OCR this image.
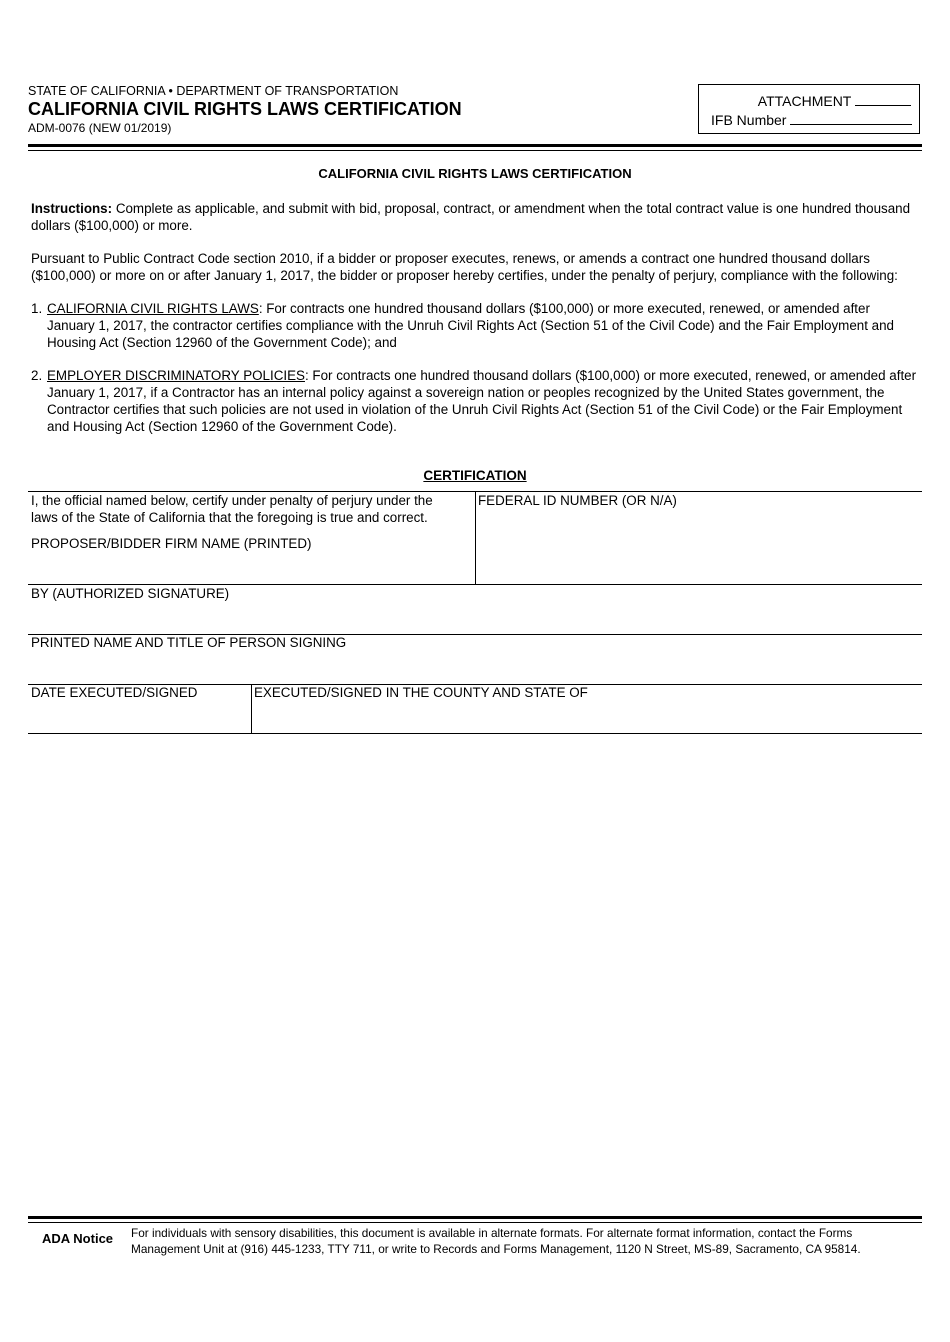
STATE OF CALIFORNIA • DEPARTMENT OF TRANSPORTATION
CALIFORNIA CIVIL RIGHTS LAWS CERTIFICATION
ADM-0076 (NEW 01/2019)
ATTACHMENT
IFB Number
CALIFORNIA CIVIL RIGHTS LAWS CERTIFICATION
Instructions: Complete as applicable, and submit with bid, proposal, contract, or amendment when the total contract value is one hundred thousand dollars ($100,000) or more.
Pursuant to Public Contract Code section 2010, if a bidder or proposer executes, renews, or amends a contract one hundred thousand dollars ($100,000) or more on or after January 1, 2017, the bidder or proposer hereby certifies, under the penalty of perjury, compliance with the following:
1. CALIFORNIA CIVIL RIGHTS LAWS: For contracts one hundred thousand dollars ($100,000) or more executed, renewed, or amended after January 1, 2017, the contractor certifies compliance with the Unruh Civil Rights Act (Section 51 of the Civil Code) and the Fair Employment and Housing Act (Section 12960 of the Government Code); and
2. EMPLOYER DISCRIMINATORY POLICIES: For contracts one hundred thousand dollars ($100,000) or more executed, renewed, or amended after January 1, 2017, if a Contractor has an internal policy against a sovereign nation or peoples recognized by the United States government, the Contractor certifies that such policies are not used in violation of the Unruh Civil Rights Act (Section 51 of the Civil Code) or the Fair Employment and Housing Act (Section 12960 of the Government Code).
CERTIFICATION
I, the official named below, certify under penalty of perjury under the
laws of the State of California that the foregoing is true and correct.
PROPOSER/BIDDER FIRM NAME (PRINTED)
FEDERAL ID NUMBER (OR N/A)
BY (AUTHORIZED SIGNATURE)
PRINTED NAME AND TITLE OF PERSON SIGNING
DATE EXECUTED/SIGNED	EXECUTED/SIGNED IN THE COUNTY AND STATE OF
ADA Notice For individuals with sensory disabilities, this document is available in alternate formats. For alternate format information, contact the Forms Management Unit at (916) 445-1233, TTY 711, or write to Records and Forms Management, 1120 N Street, MS-89, Sacramento, CA 95814.
